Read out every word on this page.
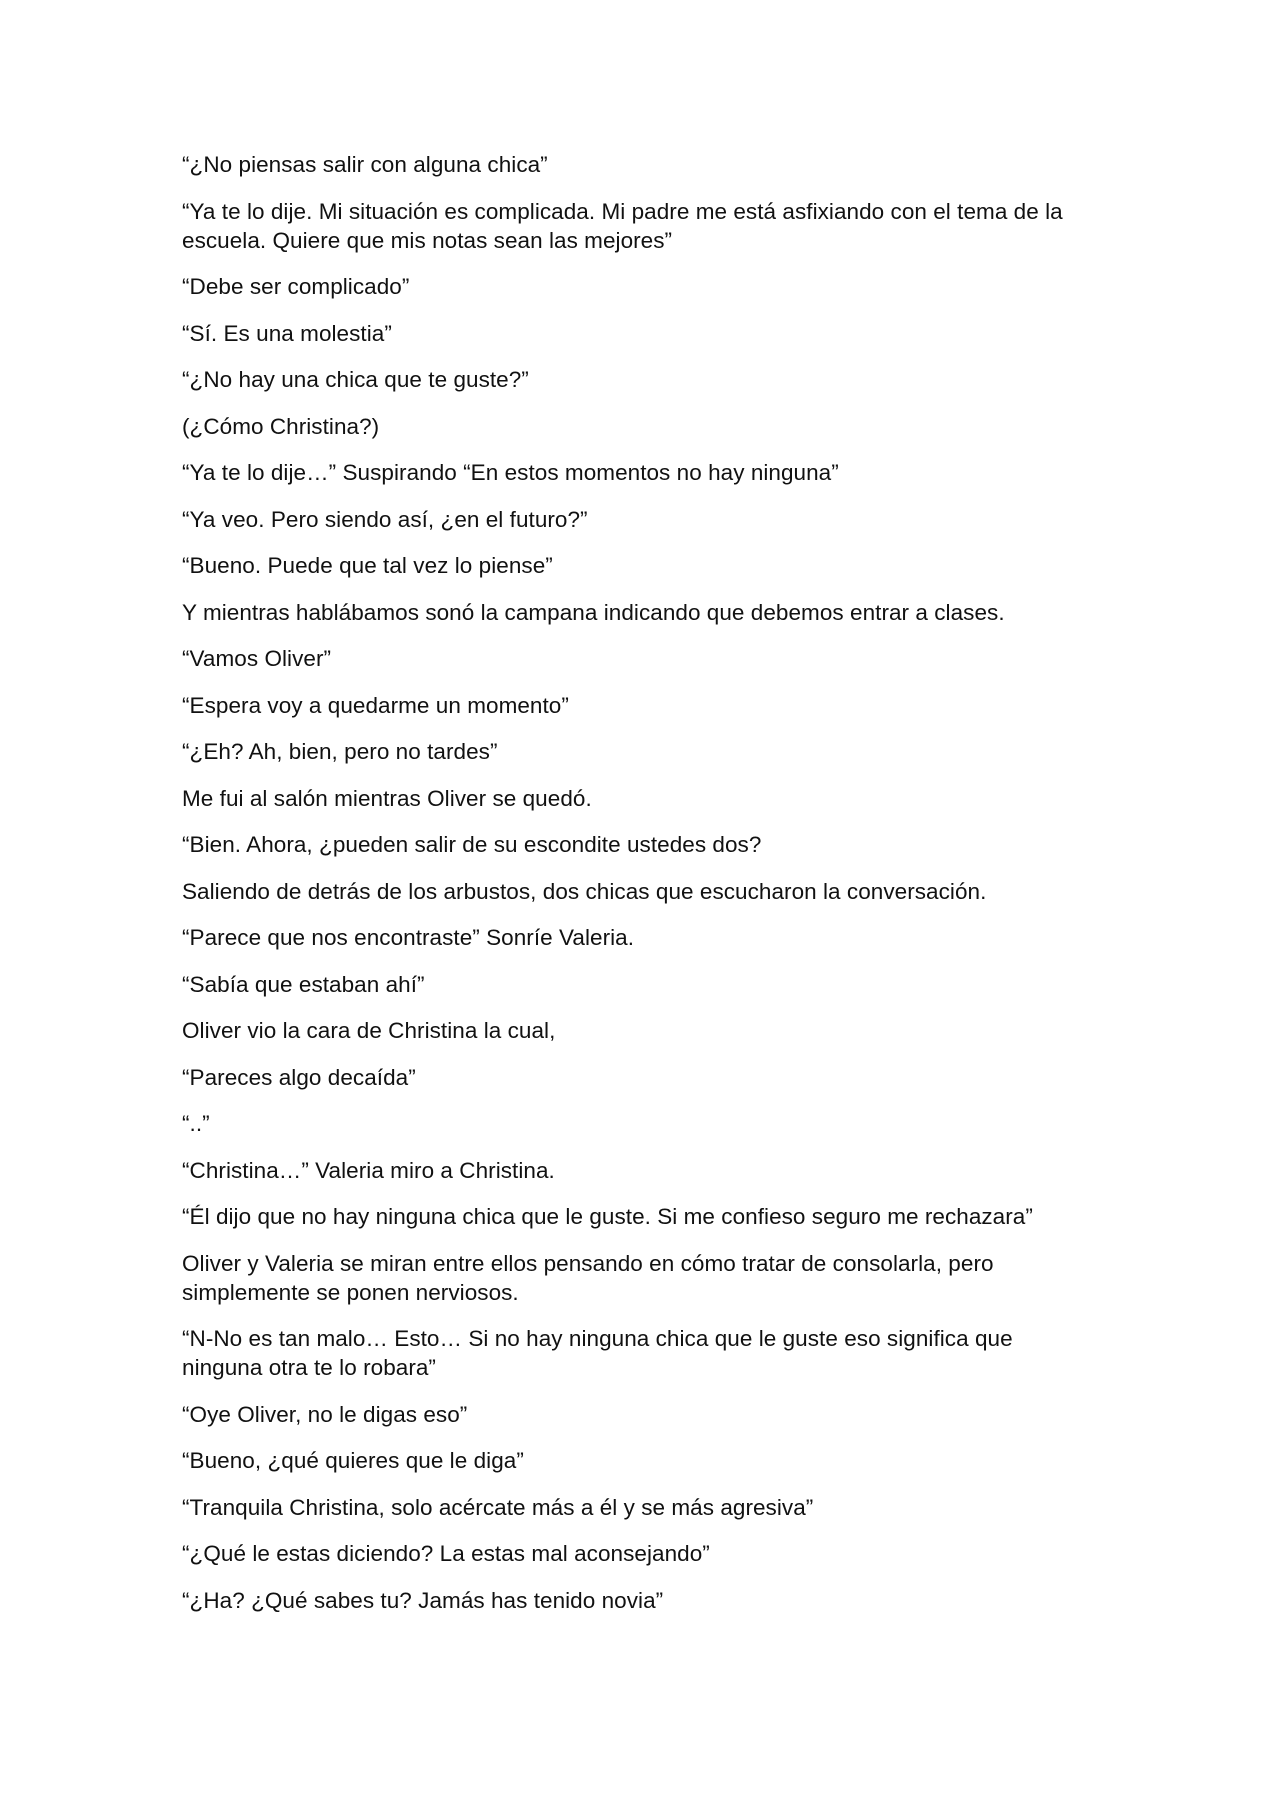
“¿No piensas salir con alguna chica”

“Ya te lo dije. Mi situación es complicada. Mi padre me está asfixiando con el tema de la escuela. Quiere que mis notas sean las mejores”

“Debe ser complicado”

“Sí. Es una molestia”

“¿No hay una chica que te guste?”

(¿Cómo Christina?)

“Ya te lo dije…” Suspirando “En estos momentos no hay ninguna”

“Ya veo. Pero siendo así, ¿en el futuro?”

“Bueno. Puede que tal vez lo piense”

Y mientras hablábamos sonó la campana indicando que debemos entrar a clases.

“Vamos Oliver”

“Espera voy a quedarme un momento”

“¿Eh? Ah, bien, pero no tardes”

Me fui al salón mientras Oliver se quedó.

“Bien. Ahora, ¿pueden salir de su escondite ustedes dos?

Saliendo de detrás de los arbustos, dos chicas que escucharon la conversación.

“Parece que nos encontraste” Sonríe Valeria.

“Sabía que estaban ahí”

Oliver vio la cara de Christina la cual,

“Pareces algo decaída”

“..”

“Christina…” Valeria miro a Christina.

“Él dijo que no hay ninguna chica que le guste. Si me confieso seguro me rechazara”

Oliver y Valeria se miran entre ellos pensando en cómo tratar de consolarla, pero simplemente se ponen nerviosos.

“N-No es tan malo… Esto… Si no hay ninguna chica que le guste eso significa que ninguna otra te lo robara”

“Oye Oliver, no le digas eso”

“Bueno, ¿qué quieres que le diga”

“Tranquila Christina, solo acércate más a él y se más agresiva”

“¿Qué le estas diciendo? La estas mal aconsejando”

“¿Ha? ¿Qué sabes tu? Jamás has tenido novia”
